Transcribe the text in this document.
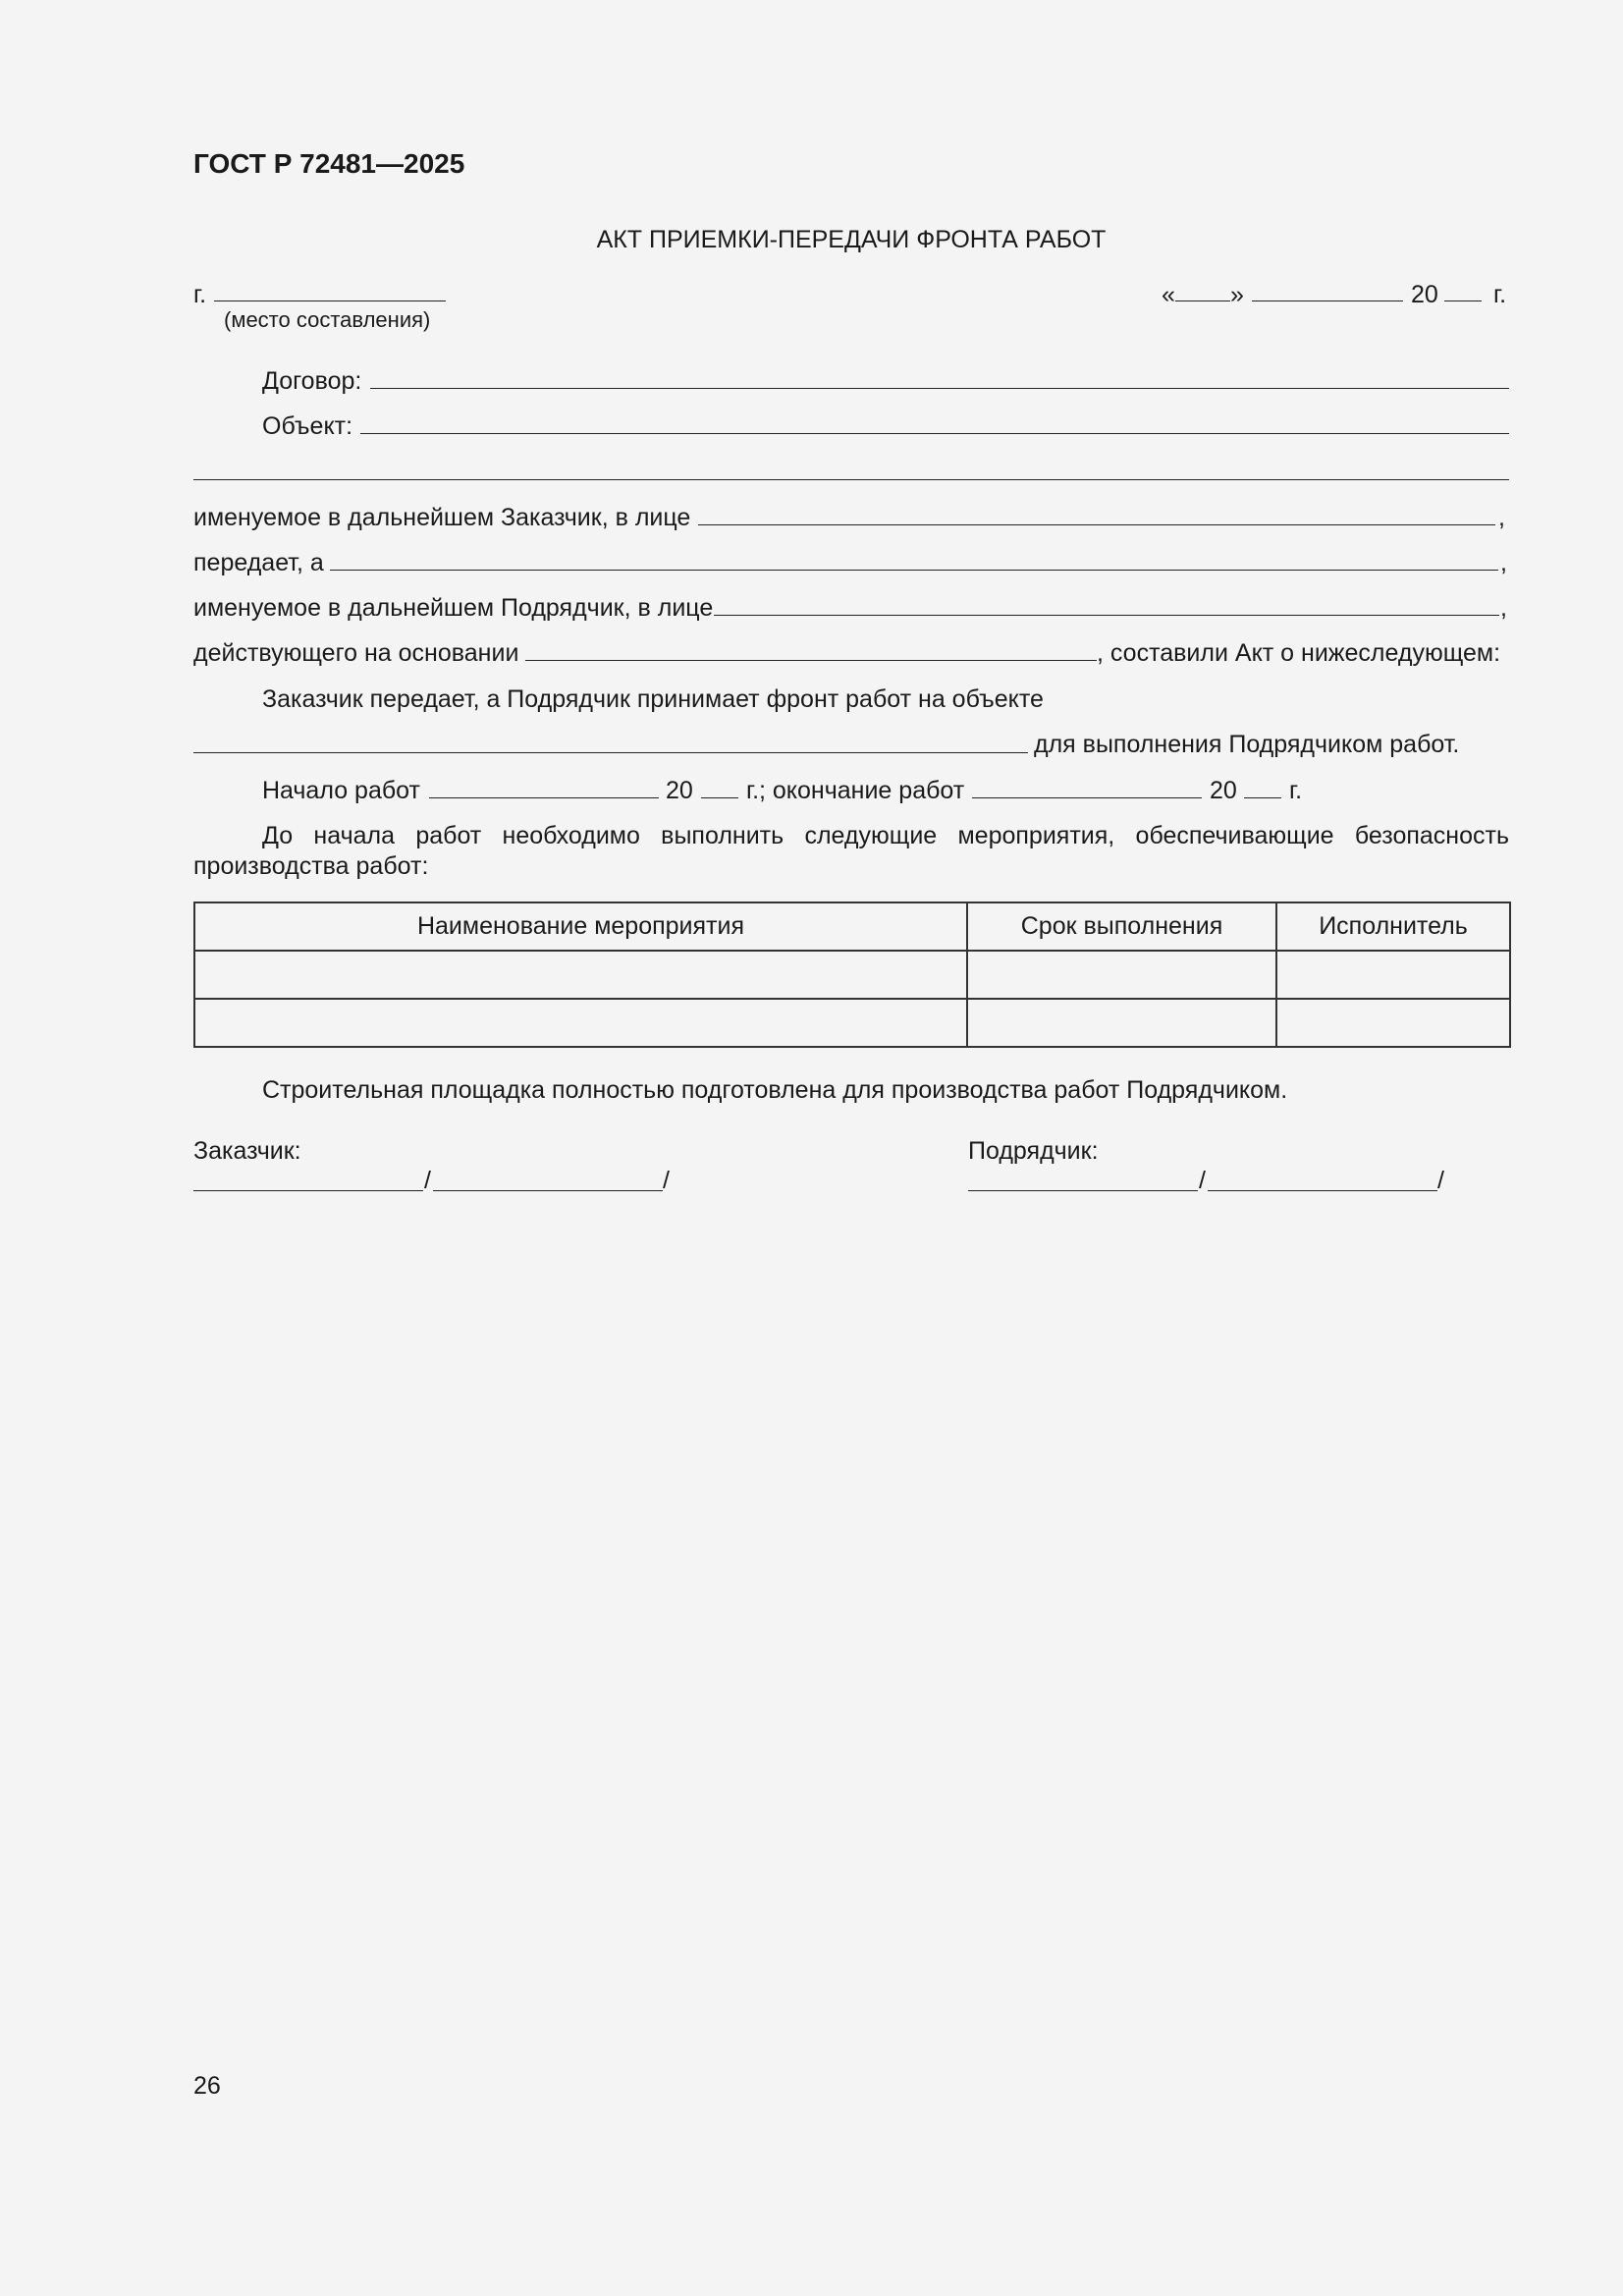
ГОСТ Р 72481—2025
АКТ ПРИЕМКИ-ПЕРЕДАЧИ ФРОНТА РАБОТ
г.
(место составления)
« »	20 г.
Договор:
Объект:
именуемое в дальнейшем Заказчик, в лице	,
передает, а	,
именуемое в дальнейшем Подрядчик, в лице	,
действующего на основании	, составили Акт о нижеследующем:
Заказчик передает, а Подрядчик принимает фронт работ на объекте
для выполнения Подрядчиком работ.
Начало работ	20 г.; окончание работ	20 г.
До начала работ необходимо выполнить следующие мероприятия, обеспечивающие безопасность производства работ:
Наименование мероприятия	Срок выполнения	Исполнитель

Строительная площадка полностью подготовлена для производства работ Подрядчиком.
Заказчик:
/	/
Подрядчик:
/	/
26
